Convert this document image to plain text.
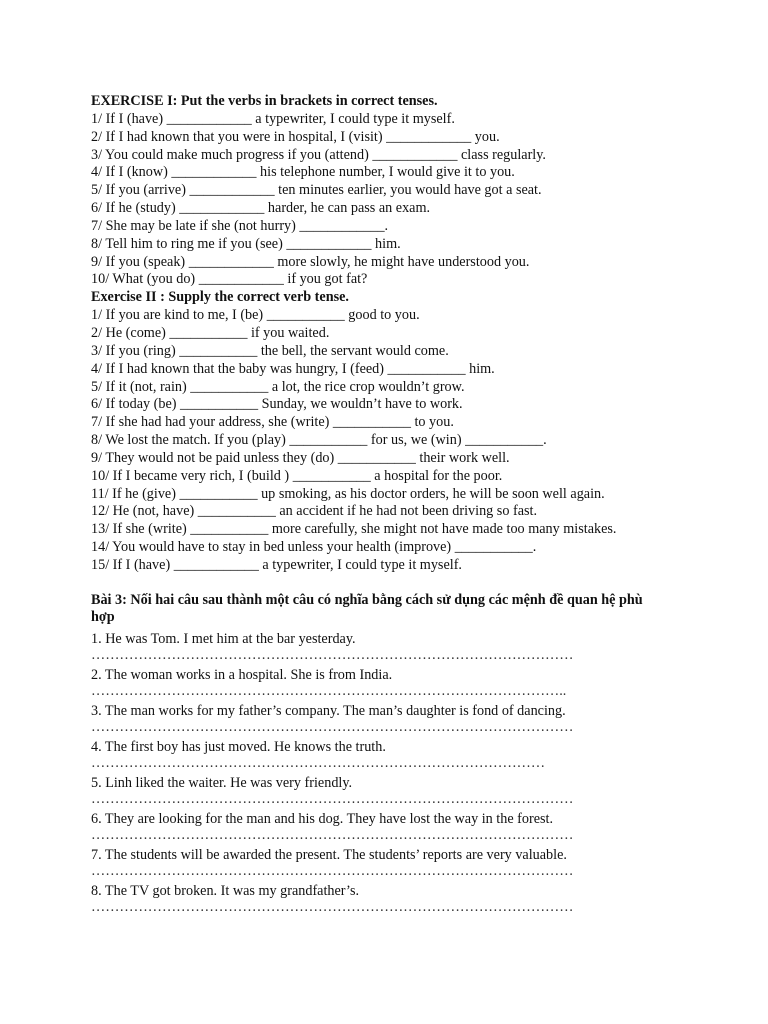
EXERCISE I: Put the verbs in brackets in correct tenses.
1/ If I (have) ____________ a typewriter, I could type it myself.
2/ If I had known that you were in hospital, I (visit) ____________ you.
3/ You could make much progress if you (attend) ____________ class regularly.
4/ If I (know) ____________ his telephone number, I would give it to you.
5/ If you (arrive) ____________ ten minutes earlier, you would have got a seat.
6/ If he (study) ____________ harder, he can pass an exam.
7/ She may be late if she (not hurry) ____________.
8/ Tell him to ring me if you (see) ____________ him.
9/ If you (speak) ____________ more slowly, he might have understood you.
10/ What (you do) ____________ if you got fat?
Exercise II : Supply the correct verb tense.
1/ If you are kind to me, I (be) ___________ good to you.
2/ He (come) ___________ if you waited.
3/ If you (ring) ___________ the bell, the servant would come.
4/ If I had known that the baby was hungry, I (feed) ___________ him.
5/ If it (not, rain) ___________ a lot, the rice crop wouldn’t grow.
6/ If today (be) ___________ Sunday, we wouldn’t have to work.
7/ If she had had your address, she (write) ___________ to you.
8/ We lost the match. If you (play) ___________ for us, we (win) ___________.
9/ They would not be paid unless they (do) ___________ their work well.
10/ If I became very rich, I (build ) ___________ a hospital for the poor.
11/ If he (give) ___________ up smoking, as his doctor orders, he will be soon well again.
12/ He (not, have) ___________ an accident if he had not been driving so fast.
13/ If she (write) ___________ more carefully, she might not have made too many mistakes.
14/ You would have to stay in bed unless your health (improve) ___________.
15/ If I (have) ____________ a typewriter, I could type it myself.
Bài 3: Nối hai câu sau thành một câu có nghĩa bằng cách sử dụng các mệnh đề quan hệ phù hợp
1. He was Tom. I met him at the bar yesterday.
…………………………………………………………………………………………
2. The woman works in a hospital. She is from India.
………………………………………………………………………………………..
3. The man works for my father’s company. The man’s daughter is fond of dancing.
…………………………………………………………………………………………
4. The first boy has just moved. He knows the truth.
……………………………………………………………………………………
5. Linh liked the waiter. He was very friendly.
…………………………………………………………………………………………
6. They are looking for the man and his dog. They have lost the way in the forest.
…………………………………………………………………………………………
7. The students will be awarded the present. The students’ reports are very valuable.
…………………………………………………………………………………………
8. The TV got broken. It was my grandfather’s.
…………………………………………………………………………………………
